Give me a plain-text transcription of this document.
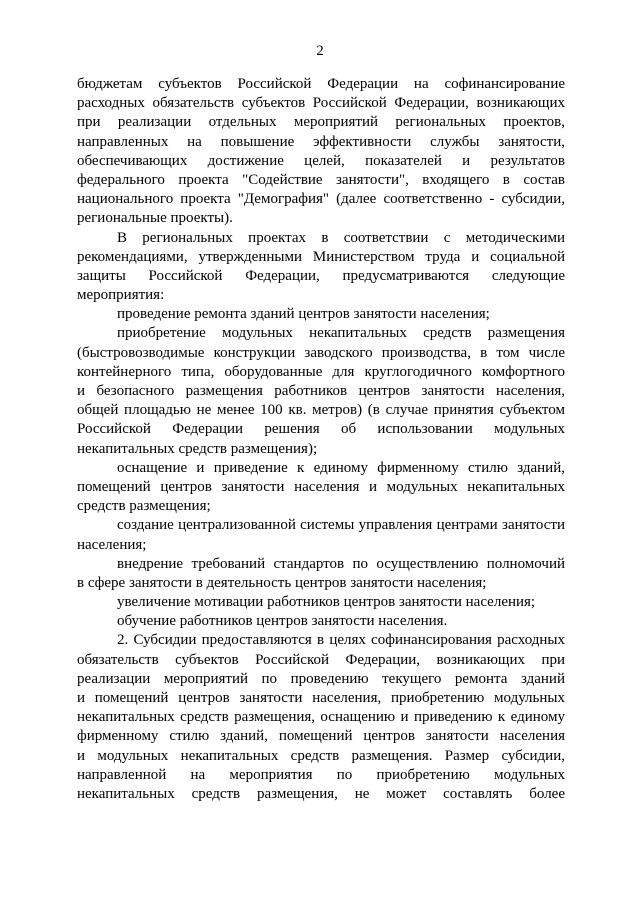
2
бюджетам субъектов Российской Федерации на софинансирование
расходных обязательств субъектов Российской Федерации, возникающих
при реализации отдельных мероприятий региональных проектов,
направленных на повышение эффективности службы занятости,
обеспечивающих достижение целей, показателей и результатов
федерального проекта "Содействие занятости", входящего в состав
национального проекта "Демография" (далее соответственно - субсидии,
региональные проекты).
В региональных проектах в соответствии с методическими
рекомендациями, утвержденными Министерством труда и социальной
защиты Российской Федерации, предусматриваются следующие
мероприятия:
проведение ремонта зданий центров занятости населения;
приобретение модульных некапитальных средств размещения
(быстровозводимые конструкции заводского производства, в том числе
контейнерного типа, оборудованные для круглогодичного комфортного
и безопасного размещения работников центров занятости населения,
общей площадью не менее 100 кв. метров) (в случае принятия субъектом
Российской Федерации решения об использовании модульных
некапитальных средств размещения);
оснащение и приведение к единому фирменному стилю зданий,
помещений центров занятости населения и модульных некапитальных
средств размещения;
создание централизованной системы управления центрами занятости
населения;
внедрение требований стандартов по осуществлению полномочий
в сфере занятости в деятельность центров занятости населения;
увеличение мотивации работников центров занятости населения;
обучение работников центров занятости населения.
2. Субсидии предоставляются в целях софинансирования расходных
обязательств субъектов Российской Федерации, возникающих при
реализации мероприятий по проведению текущего ремонта зданий
и помещений центров занятости населения, приобретению модульных
некапитальных средств размещения, оснащению и приведению к единому
фирменному стилю зданий, помещений центров занятости населения
и модульных некапитальных средств размещения. Размер субсидии,
направленной на мероприятия по приобретению модульных
некапитальных средств размещения, не может составлять более
